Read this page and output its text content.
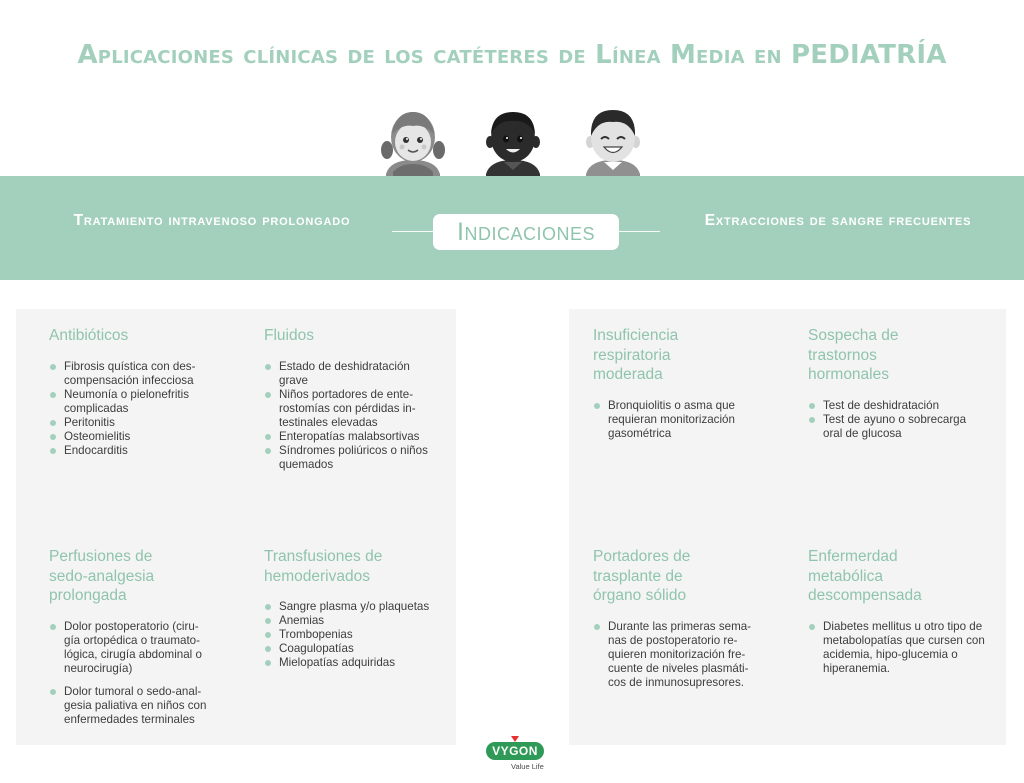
Aplicaciones clínicas de los catéteres de Línea Media en PEDIATRÍA
Tratamiento intravenoso prolongado	Indicaciones	Extracciones de sangre frecuentes
Antibióticos
Fibrosis quística con des-compensación infecciosa
Neumonía o pielonefritis complicadas
Peritonitis
Osteomielitis
Endocarditis
Fluidos
Estado de deshidratación grave
Niños portadores de ente-rostomías con pérdidas in-testinales elevadas
Enteropatías malabsortivas
Síndromes poliúricos o niños quemados
Perfusiones de sedo-analgesia prolongada
Dolor postoperatorio (ciru-gía ortopédica o traumato-lógica, cirugía abdominal o neurocirugía)
Dolor tumoral o sedo-anal-gesia paliativa en niños con enfermedades terminales
Transfusiones de hemoderivados
Sangre plasma y/o plaquetas
Anemias
Trombopenias
Coagulopatías
Mielopatías adquiridas
Insuficiencia respiratoria moderada
Bronquiolitis o asma que requieran monitorización gasométrica
Sospecha de trastornos hormonales
Test de deshidratación
Test de ayuno o sobrecarga oral de glucosa
Portadores de trasplante de órgano sólido
Durante las primeras sema-nas de postoperatorio re-quieren monitorización fre-cuente de niveles plasmáti-cos de inmunosupresores.
Enfermerdad metabólica descompensada
Diabetes mellitus u otro tipo de metabolopatías que cursen con acidemia, hipo-glucemia o hiperanemia.
VYGON
Value Life
